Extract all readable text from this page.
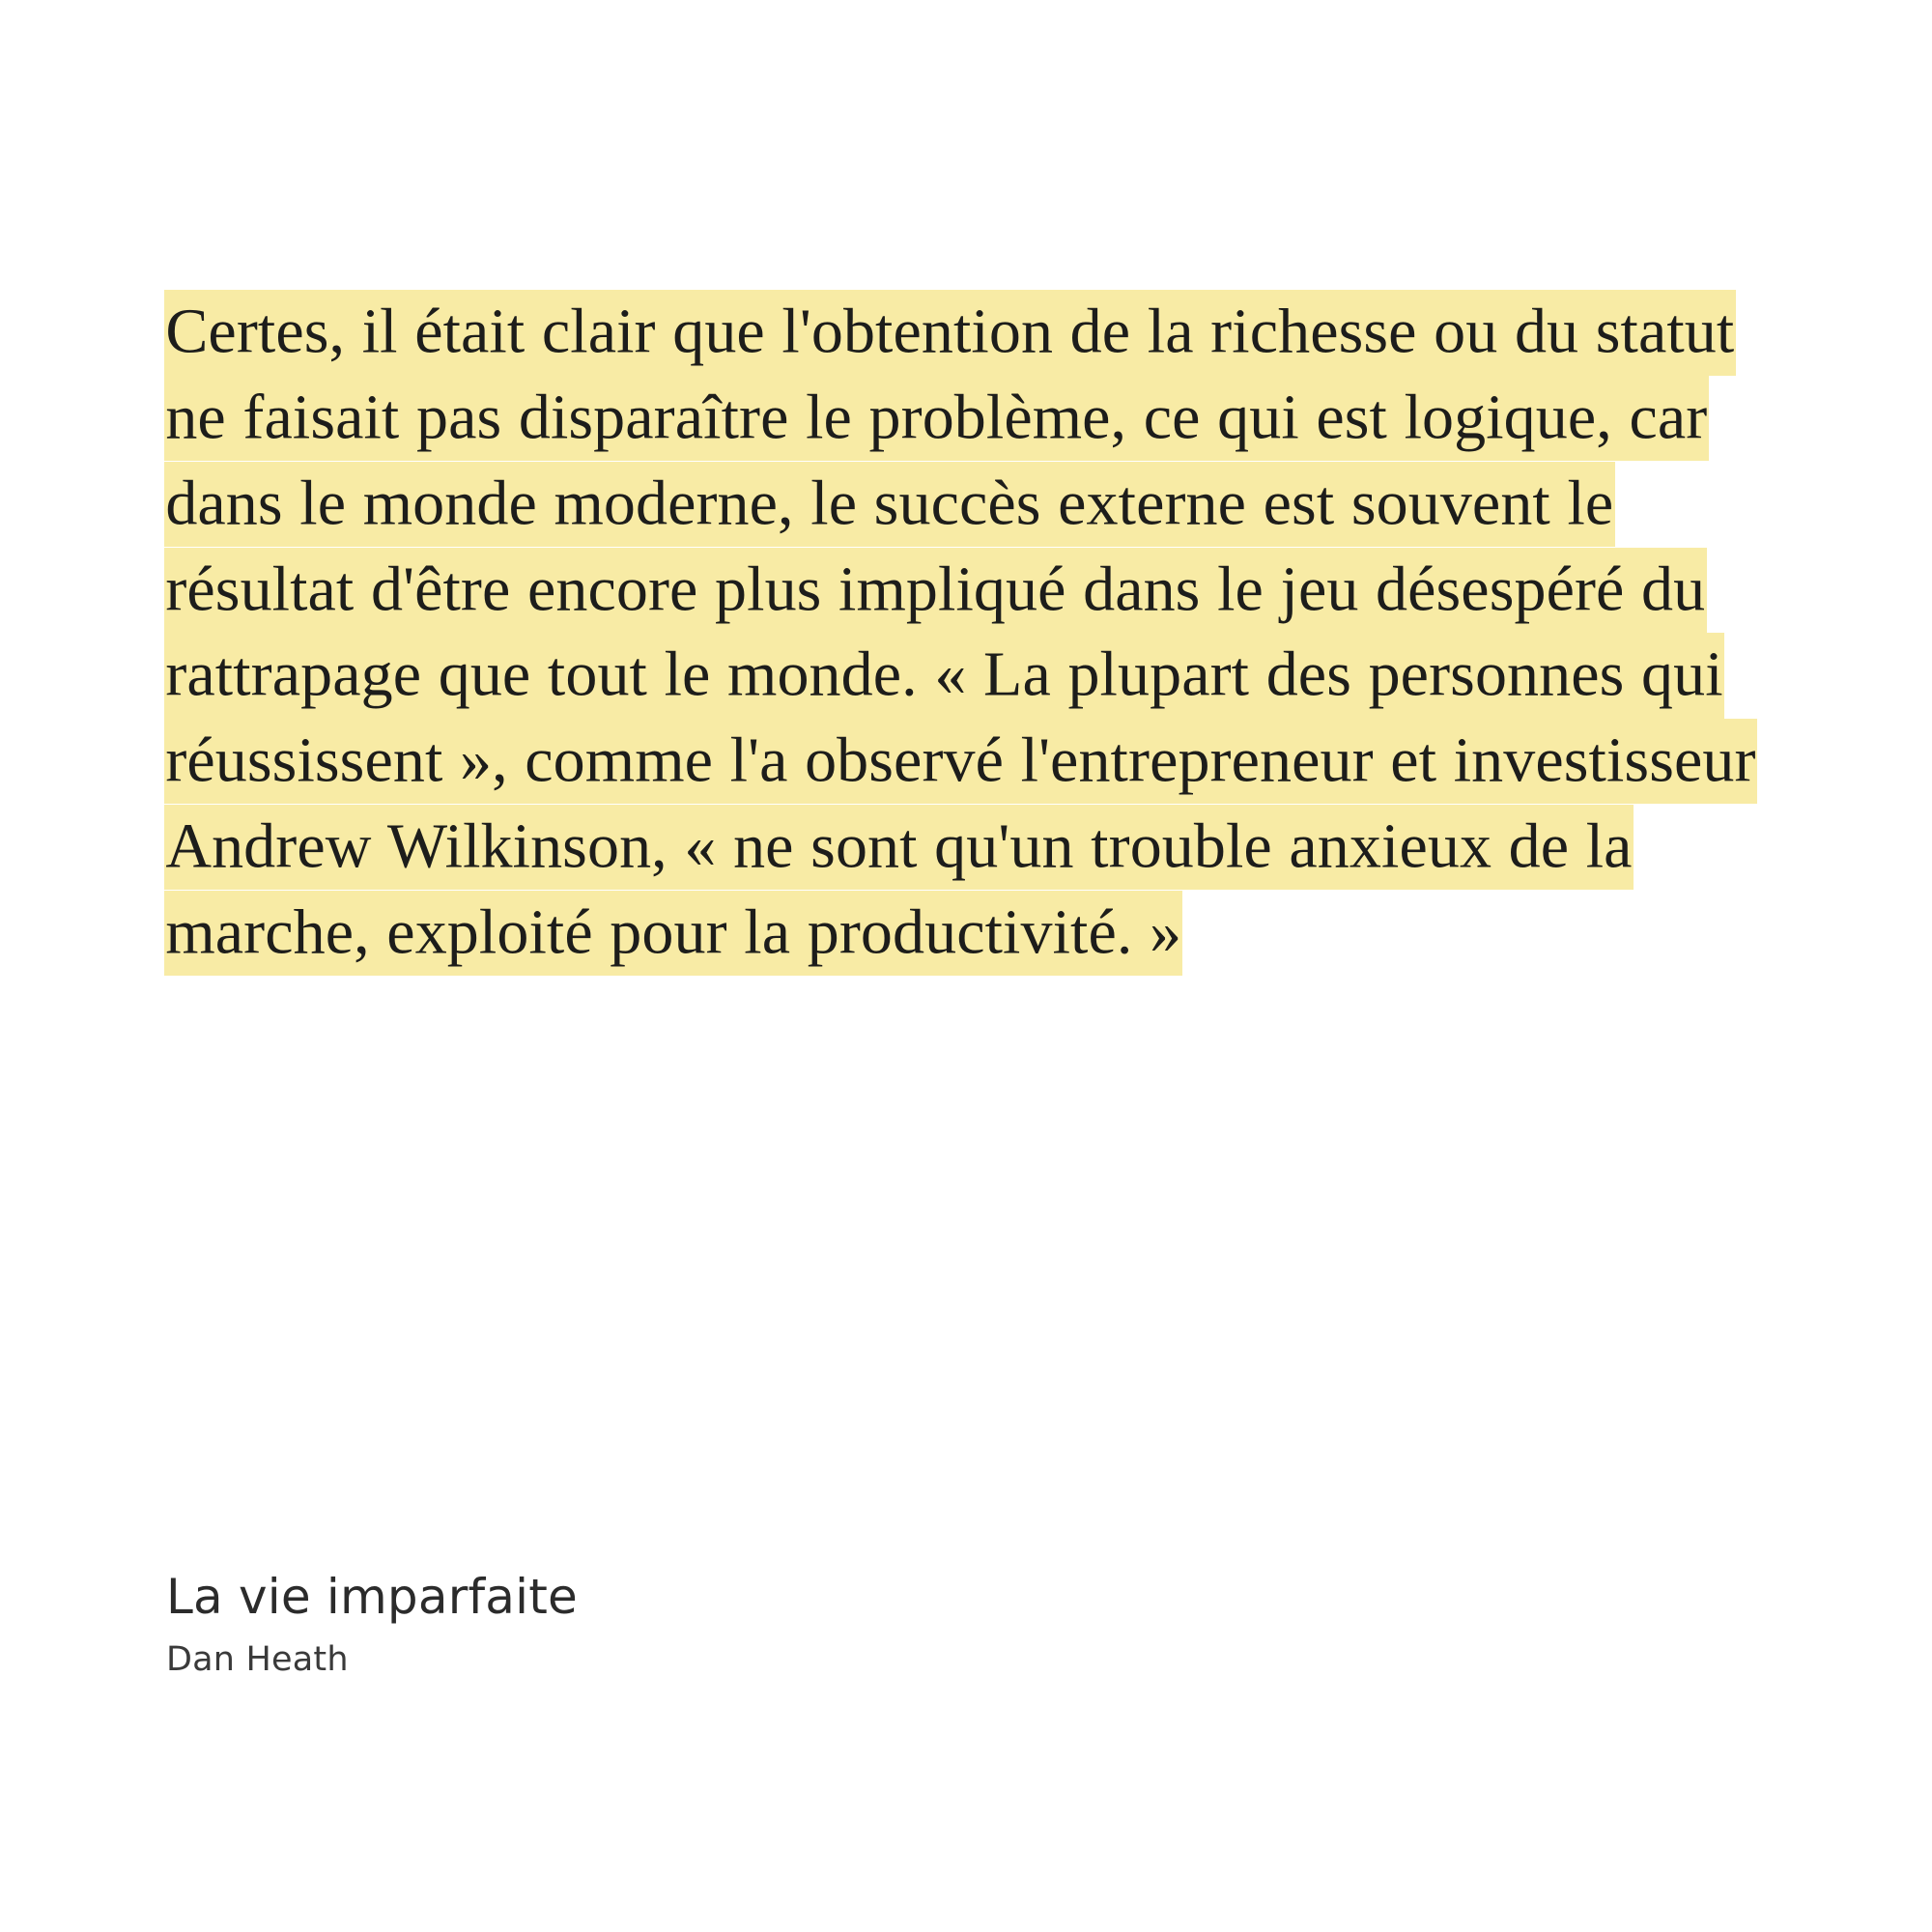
Certes, il était clair que l'obtention de la richesse ou du statut ne faisait pas disparaître le problème, ce qui est logique, car dans le monde moderne, le succès externe est souvent le résultat d'être encore plus impliqué dans le jeu désespéré du rattrapage que tout le monde. « La plupart des personnes qui réussissent », comme l'a observé l'entrepreneur et investisseur Andrew Wilkinson, « ne sont qu'un trouble anxieux de la marche, exploité pour la productivité. »

La vie imparfaite
Dan Heath
